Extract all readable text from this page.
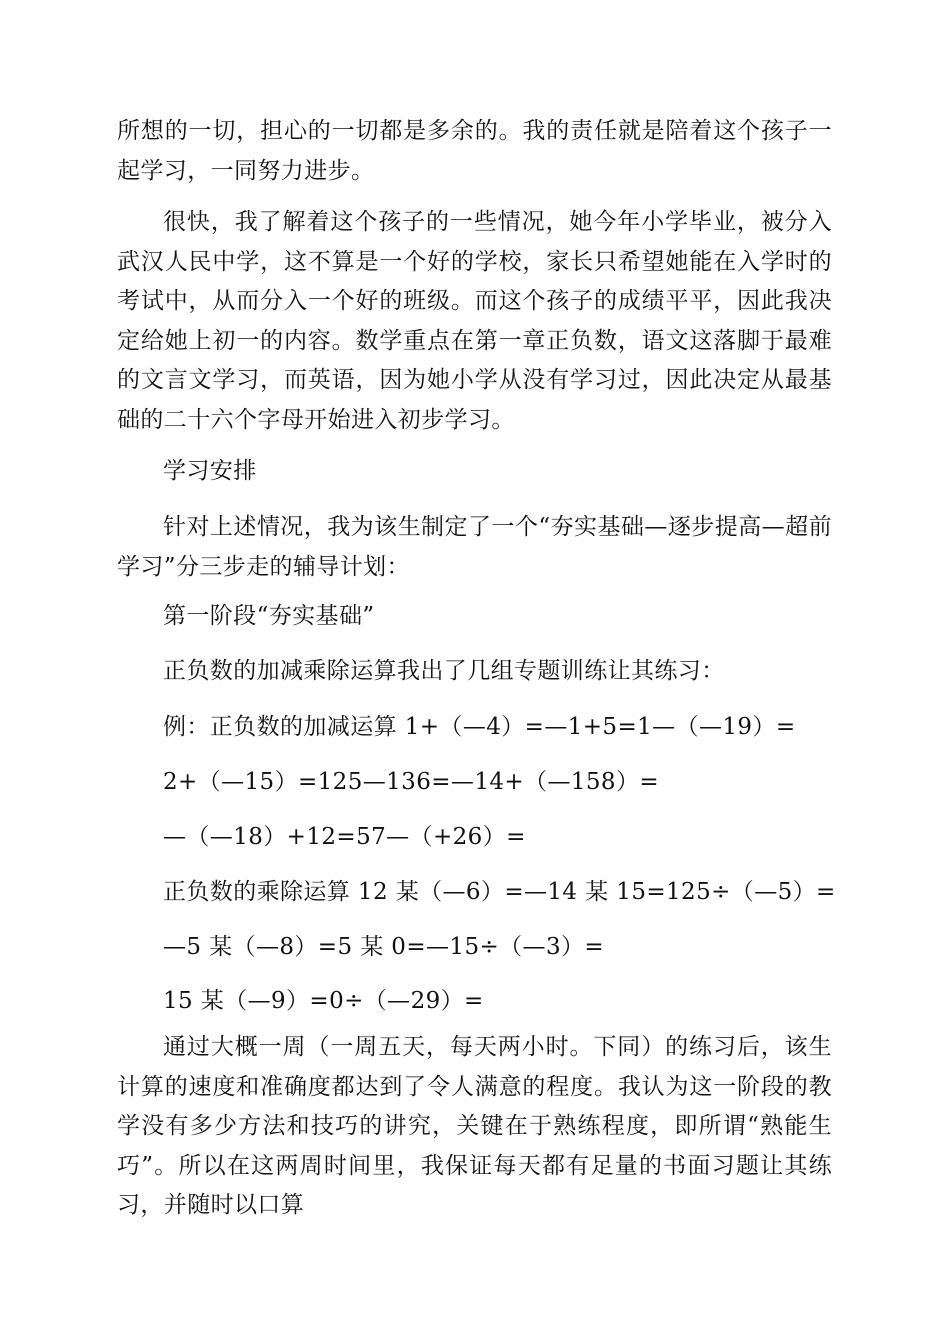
所想的一切，担心的一切都是多余的。我的责任就是陪着这个孩子一起学习，一同努力进步。

很快，我了解着这个孩子的一些情况，她今年小学毕业，被分入武汉人民中学，这不算是一个好的学校，家长只希望她能在入学时的考试中，从而分入一个好的班级。而这个孩子的成绩平平，因此我决定给她上初一的内容。数学重点在第一章正负数，语文这落脚于最难的文言文学习，而英语，因为她小学从没有学习过，因此决定从最基础的二十六个字母开始进入初步学习。

学习安排

针对上述情况，我为该生制定了一个“夯实基础—逐步提高—超前学习”分三步走的辅导计划：

第一阶段“夯实基础”

正负数的加减乘除运算我出了几组专题训练让其练习：

例：正负数的加减运算 1+（—4）=—1+5=1—（—19）=

2+（—15）=125—136=—14+（—158）=

—（—18）+12=57—（+26）=

正负数的乘除运算 12 某（—6）=—14 某 15=125÷（—5）=

—5 某（—8）=5 某 0=—15÷（—3）=

15 某（—9）=0÷（—29）=

通过大概一周（一周五天，每天两小时。下同）的练习后，该生计算的速度和准确度都达到了令人满意的程度。我认为这一阶段的教学没有多少方法和技巧的讲究，关键在于熟练程度，即所谓“熟能生巧”。所以在这两周时间里，我保证每天都有足量的书面习题让其练习，并随时以口算
